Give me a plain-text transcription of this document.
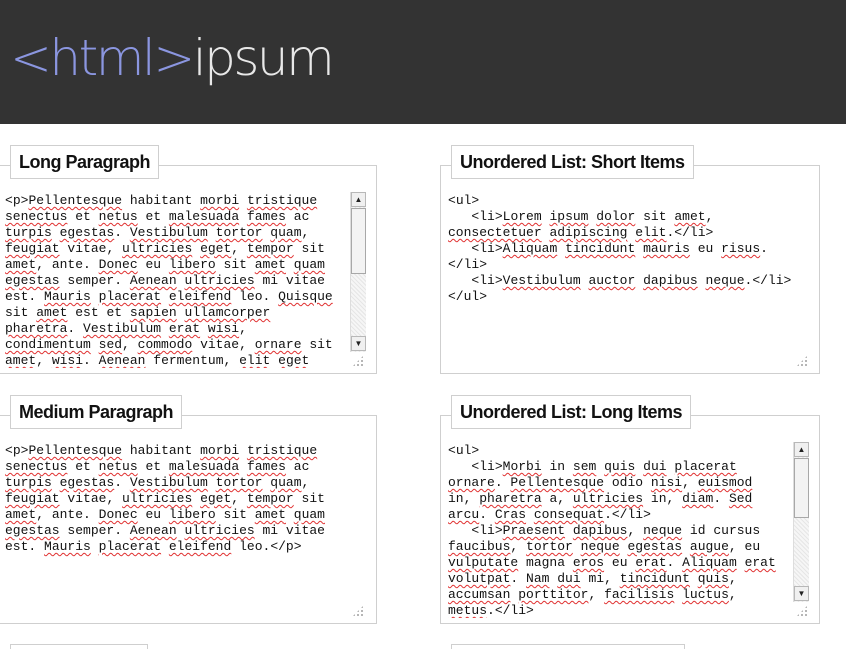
<html>ipsum
Long Paragraph
<p>Pellentesque habitant morbi tristique
senectus et netus et malesuada fames ac
turpis egestas. Vestibulum tortor quam,
feugiat vitae, ultricies eget, tempor sit
amet, ante. Donec eu libero sit amet quam
egestas semper. Aenean ultricies mi vitae
est. Mauris placerat eleifend leo. Quisque
sit amet est et sapien ullamcorper
pharetra. Vestibulum erat wisi,
condimentum sed, commodo vitae, ornare sit
amet, wisi. Aenean fermentum, elit eget
▲
▼
Unordered List: Short Items
<ul>
<li>Lorem ipsum dolor sit amet,
consectetuer adipiscing elit.</li>
<li>Aliquam tincidunt mauris eu risus.
</li>
<li>Vestibulum auctor dapibus neque.</li>
</ul>
Medium Paragraph
<p>Pellentesque habitant morbi tristique
senectus et netus et malesuada fames ac
turpis egestas. Vestibulum tortor quam,
feugiat vitae, ultricies eget, tempor sit
amet, ante. Donec eu libero sit amet quam
egestas semper. Aenean ultricies mi vitae
est. Mauris placerat eleifend leo.</p>
Unordered List: Long Items
<ul>
<li>Morbi in sem quis dui placerat
ornare. Pellentesque odio nisi, euismod
in, pharetra a, ultricies in, diam. Sed
arcu. Cras consequat.</li>
<li>Praesent dapibus, neque id cursus
faucibus, tortor neque egestas augue, eu
vulputate magna eros eu erat. Aliquam erat
volutpat. Nam dui mi, tincidunt quis,
accumsan porttitor, facilisis luctus,
metus.</li>
▲
▼
